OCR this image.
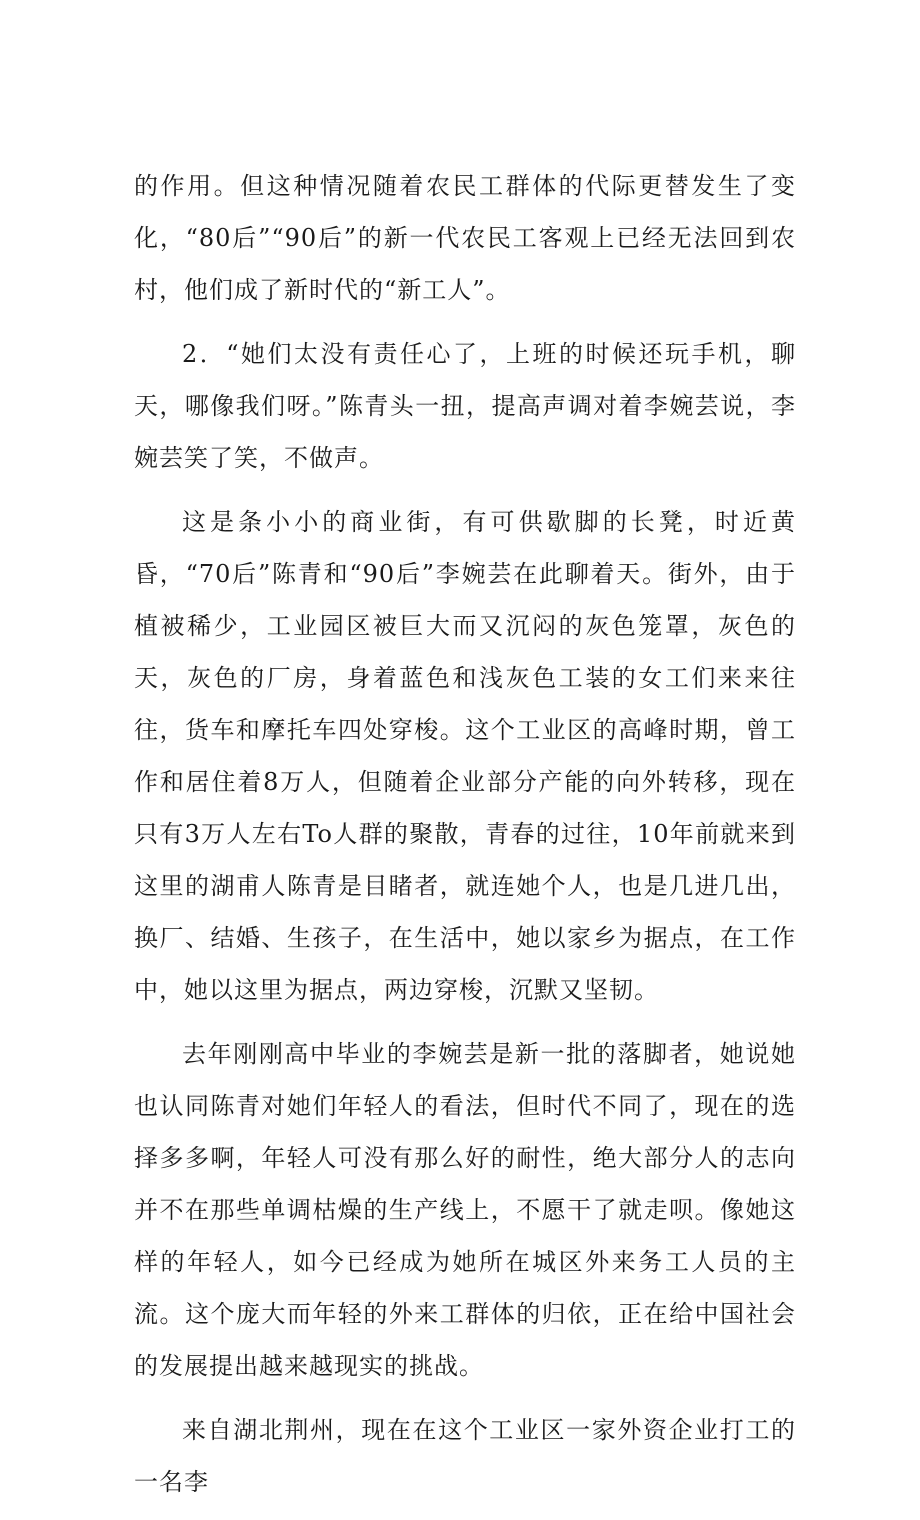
的作用。但这种情况随着农民工群体的代际更替发生了变化，“80后”“90后”的新一代农民工客观上已经无法回到农村，他们成了新时代的“新工人”。

2．“她们太没有责任心了，上班的时候还玩手机，聊天，哪像我们呀。”陈青头一扭，提高声调对着李婉芸说，李婉芸笑了笑，不做声。

这是条小小的商业街，有可供歇脚的长凳，时近黄昏，“70后”陈青和“90后”李婉芸在此聊着天。街外，由于植被稀少，工业园区被巨大而又沉闷的灰色笼罩，灰色的天，灰色的厂房，身着蓝色和浅灰色工装的女工们来来往往，货车和摩托车四处穿梭。这个工业区的高峰时期，曾工作和居住着8万人，但随着企业部分产能的向外转移，现在只有3万人左右To人群的聚散，青春的过往，10年前就来到这里的湖甫人陈青是目睹者，就连她个人，也是几进几出，换厂、结婚、生孩子，在生活中，她以家乡为据点，在工作中，她以这里为据点，两边穿梭，沉默又坚韧。

去年刚刚高中毕业的李婉芸是新一批的落脚者，她说她也认同陈青对她们年轻人的看法，但时代不同了，现在的选择多多啊，年轻人可没有那么好的耐性，绝大部分人的志向并不在那些单调枯燥的生产线上，不愿干了就走呗。像她这样的年轻人，如今已经成为她所在城区外来务工人员的主流。这个庞大而年轻的外来工群体的归依，正在给中国社会的发展提出越来越现实的挑战。

来自湖北荆州，现在在这个工业区一家外资企业打工的一名李
